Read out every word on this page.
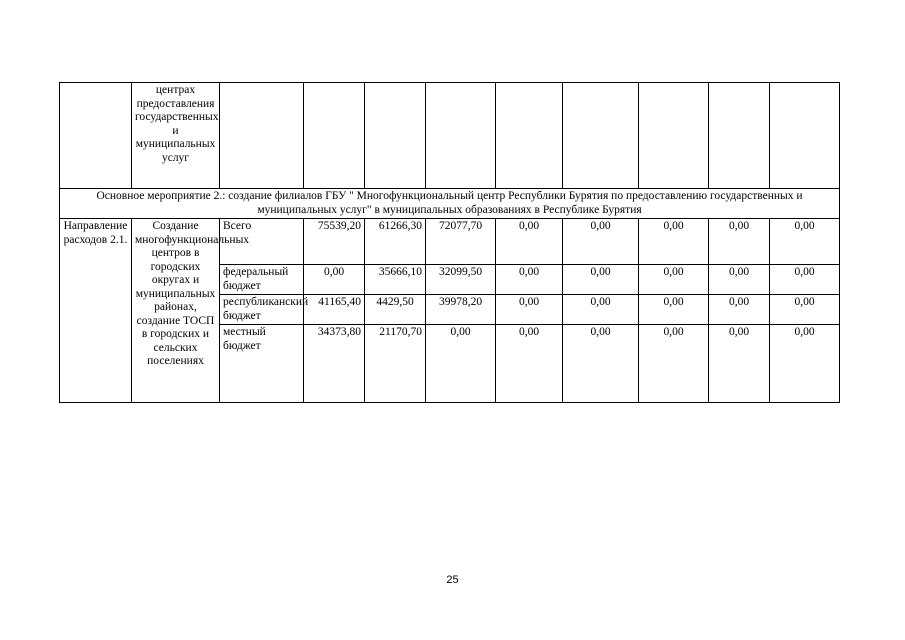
	центрах предоставления государственных и муниципальных услуг									
Основное мероприятие 2.: создание филиалов ГБУ " Многофункциональный центр Республики Бурятия по предоставлению государственных и муниципальных услуг" в муниципальных образованиях в Республике Бурятия										
Направление расходов 2.1.	Создание многофункциональных центров в городских округах и муниципальных районах, создание ТОСП в городских и сельских поселениях	Всего	75539,20	61266,30	72077,70	0,00	0,00	0,00	0,00	0,00
		федеральный бюджет	0,00	35666,10	32099,50	0,00	0,00	0,00	0,00	0,00
		республиканский бюджет	41165,40	4429,50	39978,20	0,00	0,00	0,00	0,00	0,00
		местный бюджет	34373,80	21170,70	0,00	0,00	0,00	0,00	0,00	0,00
25
